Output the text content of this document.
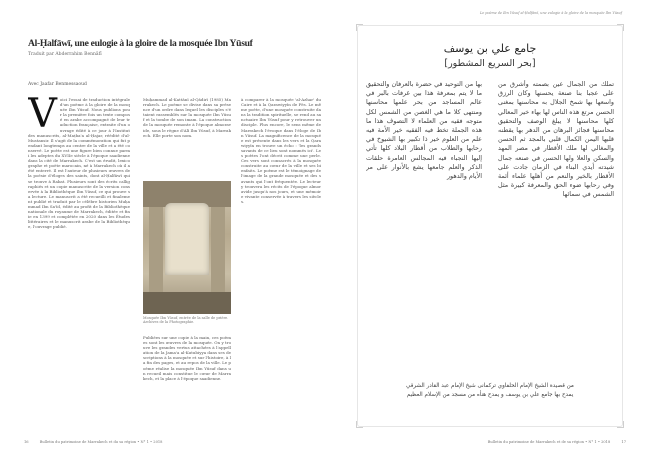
Al-Ḥalfāwī, une eulogie à la gloire de la mosquée Ibn Yūsuf
Traduit par Abderrahim Bennāfī
Avec Jaafar Benmessaoud
V oici l'essai de traduction intégrale d'un poème à la gloire de la mosquée Ibn Yūsuf. Nous publions pour la première fois un texte composé en arabe accompagné de leur traduction française, extraite d'un ouvrage édité à ce jour à l'Institut des manuscrits, al-Maṭba'a al-Ḥajar, réédité d'al-Mustansir. Il s'agit de la commémoration qui fut pendant longtemps au centre de la ville et a été conservé. Le poète est une figure bien connue parmi les adeptes du XVIIe siècle à l'époque saadienne dans la cité de Marrakech. C'est un érudit, lexicographe et poète marocain, né à Marrakech où il a été enterré. Il est l'auteur de plusieurs œuvres de la poésie d'éloges des saints, dont al-Ḥalfāwī qui se trouve à Rabat. Plusieurs sont des écrits calligraphiés et un copie manuscrite de la version conservée à la Bibliothèque Ibn Yūsuf, ce qui prouve sa lecture. Le manuscrit a été recueilli et finalement publié et traduit par le célèbre historien Muḥammad Ibn Sa'īd, édité au profit de la Bibliothèque nationale du royaume de Marrakech, éditée et finie en 1399 et complétée en 2020 dans les Études littéraires et le manuscrit arabe de la Bibliothèque, l'ouvrage publié.

Muḥammad al-Kattānī al-Qādirī (1985) Marrakech. Le poème se divise dans sa présence d'un ordre dans lequel les disciples s'étaient rassemblés sur la mosquée Ibn Yūsuf et la tombe de son imam. La construction de la mosquée remonte à l'époque almoravide, sous le règne d'Alī Ibn Yūsuf, à Marrakech. Elle porte son nom.

Mosquée Ibn Yūsuf, entrée de la salle de prière. Archives de la Photographie.

Publiées sur une copie à la main, ces poèmes sont les œuvres de la mosquée. On y trouve les grandes vertus attachées à l'appellation de la Jama'a al-Kutubiyya dans ses descriptions à la mosquée et sur l'histoire, à la fin des pages, et au repos de la ville. Le poème réalise la mosquée Ibn Yūsuf dans un recueil mais constitue le cœur de Marrakech, et la place à l'époque saadienne.

à comparer à la mosquée 'al-Azhar' du Caire et à la Qarawiyyīn de Fès. Le même poète, d'une mosquée construite dans la tradition spirituelle, se rend au sanctuaire Ibn Yūsuf pour y retrouver un disciple. Plus encore, le sens même de Marrakech l'évoque dans l'éloge de Ibn Yūsuf. La magnificence de la mosquée est présente dans les vers et la Qarawiyyīn en trouve un écho : 'les grands savants de ce lieu sont nommés ici'. Les poètes l'ont décrit comme une perle. Ces vers sont consacrés à la mosquée construite au cœur de la ville et ses bienfaits. Le poème est le témoignage de l'image de la grande mosquée et des savants qui l'ont fréquentée. Le lecteur y trouvera les récits de l'époque almoravide jusqu'à nos jours, et une mémoire vivante conservée à travers les siècles.

16	Bulletin du patrimoine de Marrakech et du sa région • N° 1 • 2018
Le poème de Ibn Yūsuf al-Ḥalfāwī, une eulogie à la gloire de la mosquée Ibn Yūsuf
جامع علي بن يوسف
[بحر السريع المشطور]
تملك من الجمال عين بصمته وأشرق من على عجبا بنا صنعة يحسنها وكان الرزق واسعها بها شمخ الجلال به محاسنها بمغنى الحسن مرتع هذه الناس لها بهاء خير المعالي كلها محاسنها لا يبلغ الوصف والتحقيق محاسنها فجائز البرهان من الدهر بها يقطنه قلبها اليمن الكمال قلبي بالمجد ثم الحسن والمغالي لها ملك الأقطار في مصر المهد والسكن والعلا ولها الحسن في صنعه جمال شيدته أيدي البناء في الزمان جادت على الأقطار بالخير والنعم من أهلها علماء أئمة وفي رحابها ضوء الحق والمعرفة كبيرة مثل الشمس في سمائها
بها من التوحيد في حضرة بالعرفان والتحقيق ما لا يتم بمعرفة هذا بين غرفات بالبر في عالم المساجد من بحر علمها محاسنها ومنتهى كلا ما هي الغصن من الشمس لكل متوجه فقيه من العلماء لا التصوف هذا ما هذه الجملة تخط فيه الفقيه خير الأمة فيه علم من العلوم خير ذا تكبير بها الشيوخ في رحابها والطلاب من أقطار البلاد كلها تأتي إليها النجباء فيه المجالس العامرة حلقات الذكر والعلم جامعها يشع بالأنوار على مر الأيام والدهور
من قصيدة الشيخ الإمام الحلفاوي تركمانى شيخ الإمام عبد القادر الشرقي
يمدح بها جامع علي بن يوسف و يمدح هنأه من مسجد من الإسلام العظيم
Bulletin du patrimoine de Marrakech et de sa région • N° 1 • 2018	17
